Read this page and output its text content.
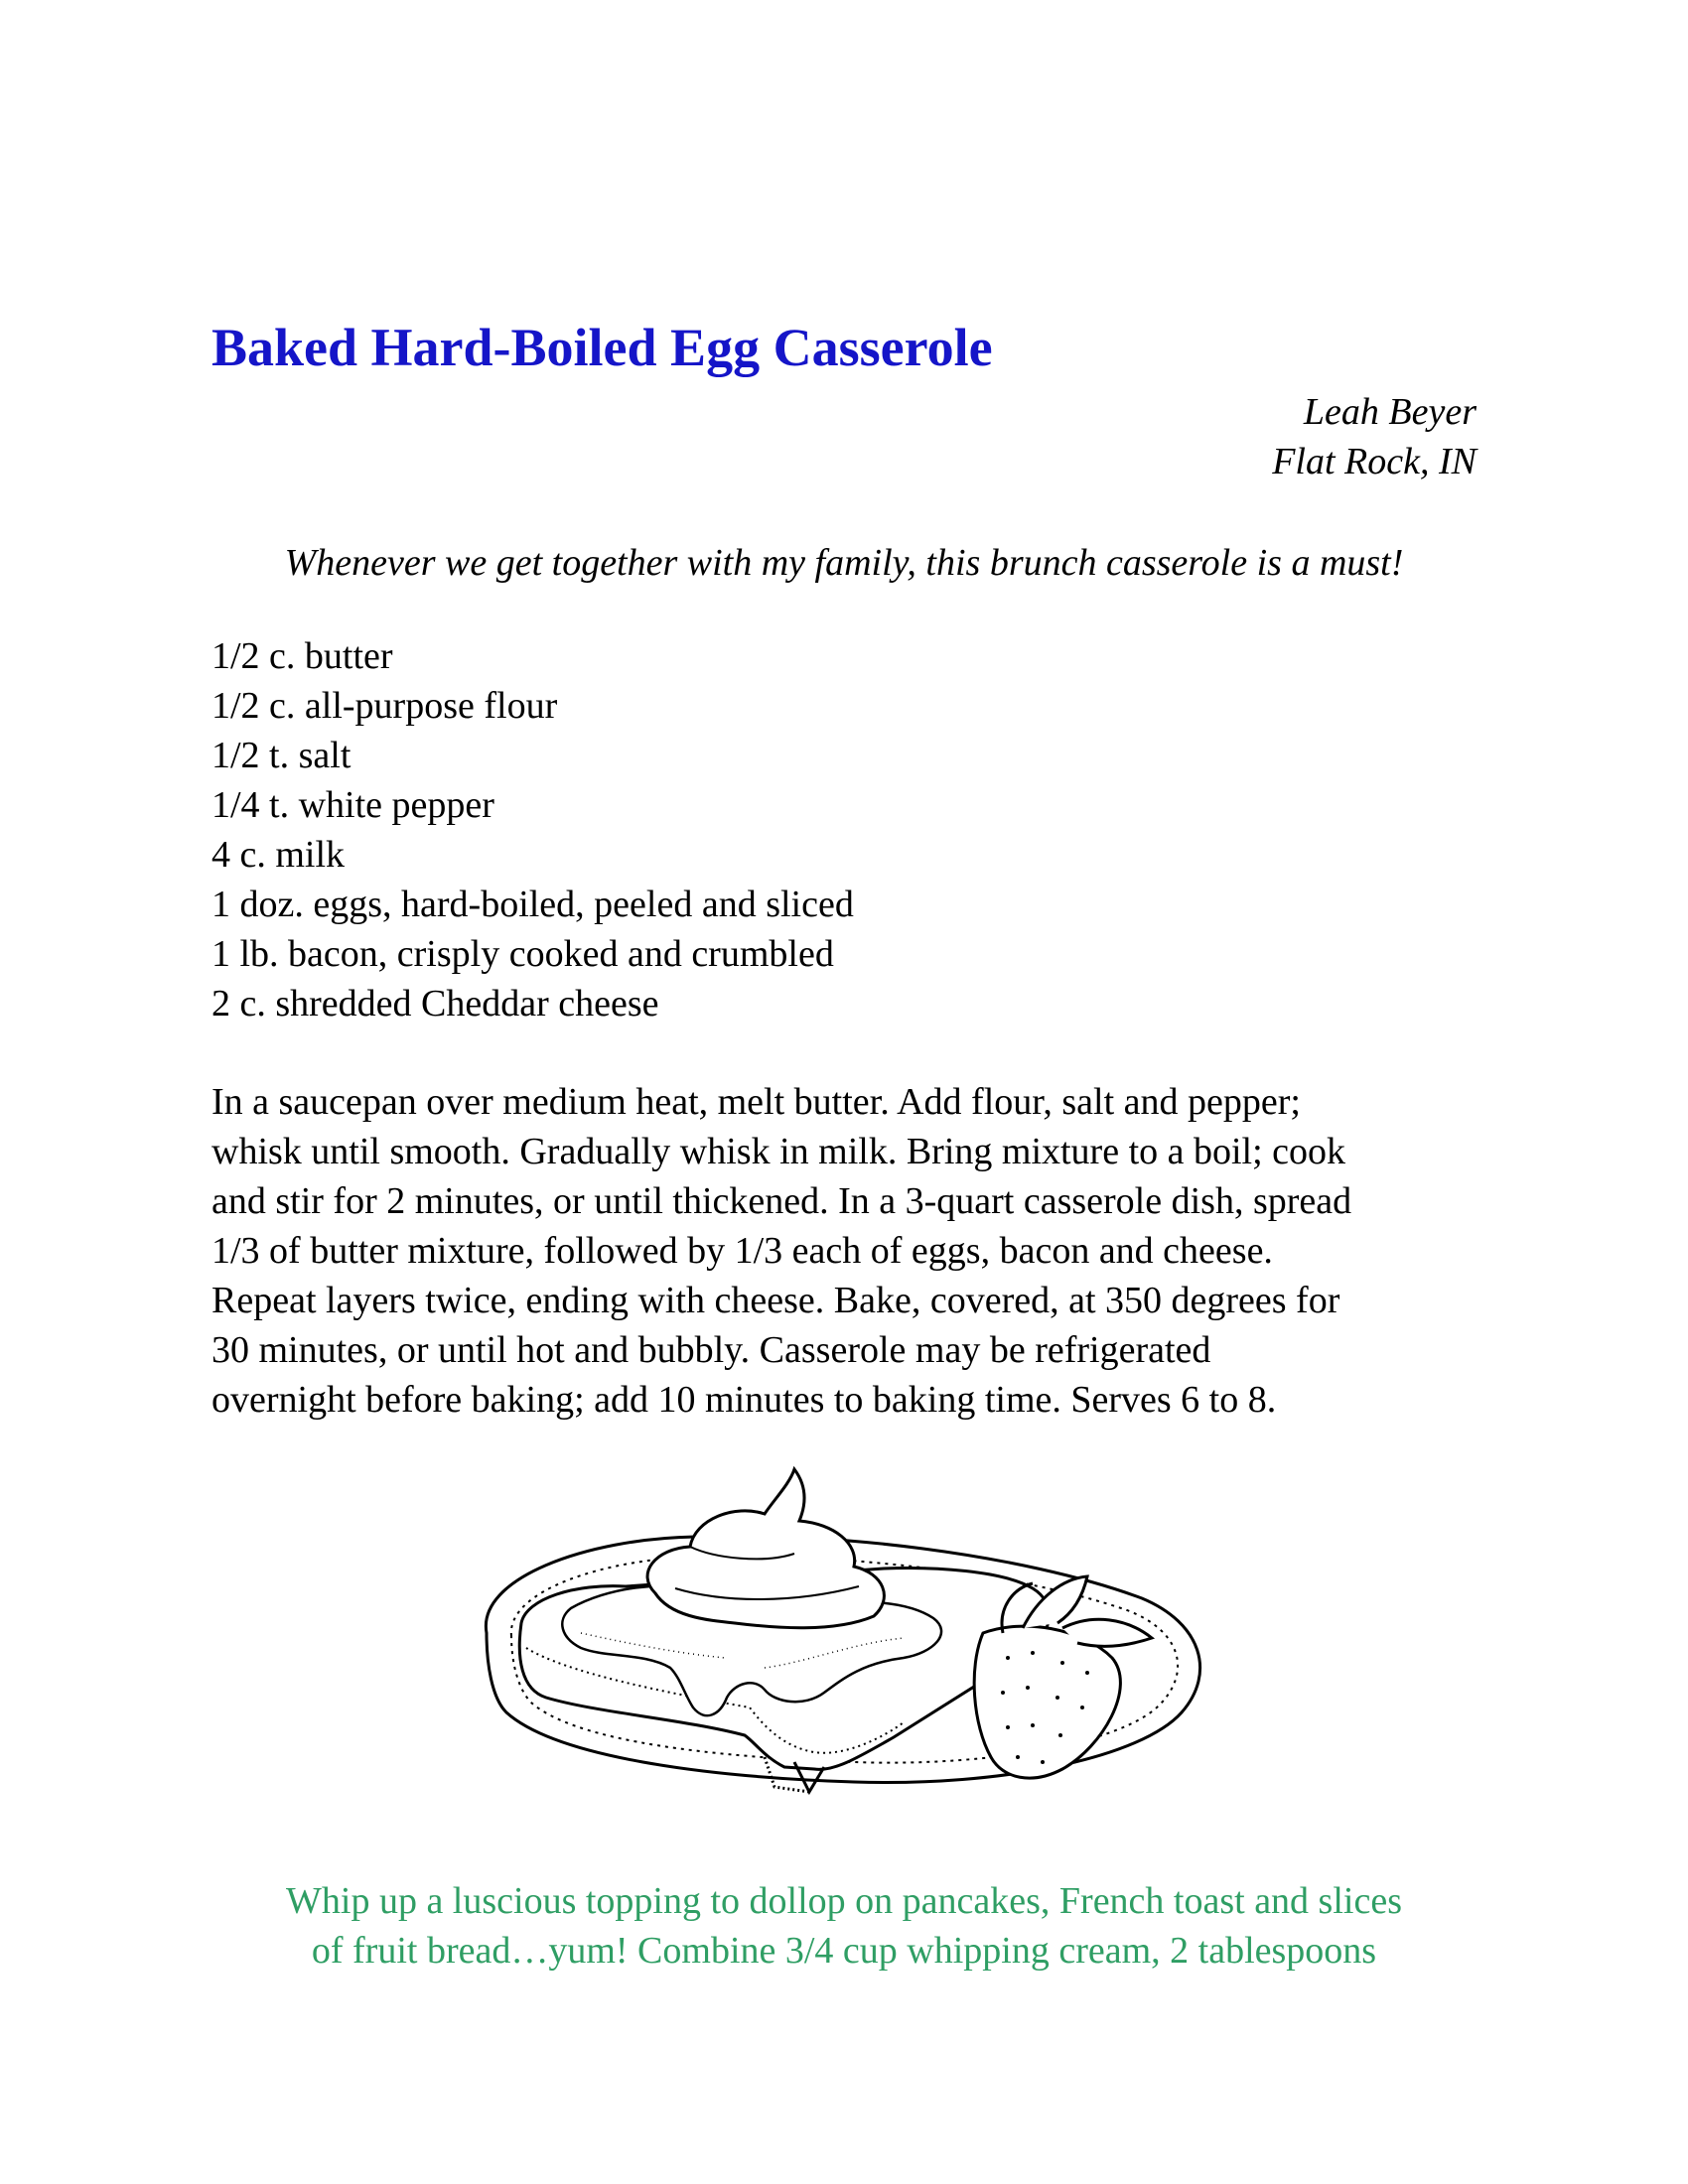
Baked Hard-Boiled Egg Casserole
Leah Beyer
Flat Rock, IN
Whenever we get together with my family, this brunch casserole is a must!
1/2 c. butter
1/2 c. all-purpose flour
1/2 t. salt
1/4 t. white pepper
4 c. milk
1 doz. eggs, hard-boiled, peeled and sliced
1 lb. bacon, crisply cooked and crumbled
2 c. shredded Cheddar cheese
In a saucepan over medium heat, melt butter. Add flour, salt and pepper;
whisk until smooth. Gradually whisk in milk. Bring mixture to a boil; cook
and stir for 2 minutes, or until thickened. In a 3-quart casserole dish, spread
1/3 of butter mixture, followed by 1/3 each of eggs, bacon and cheese.
Repeat layers twice, ending with cheese. Bake, covered, at 350 degrees for
30 minutes, or until hot and bubbly. Casserole may be refrigerated
overnight before baking; add 10 minutes to baking time. Serves 6 to 8.
Whip up a luscious topping to dollop on pancakes, French toast and slices
of fruit bread…yum! Combine 3/4 cup whipping cream, 2 tablespoons
